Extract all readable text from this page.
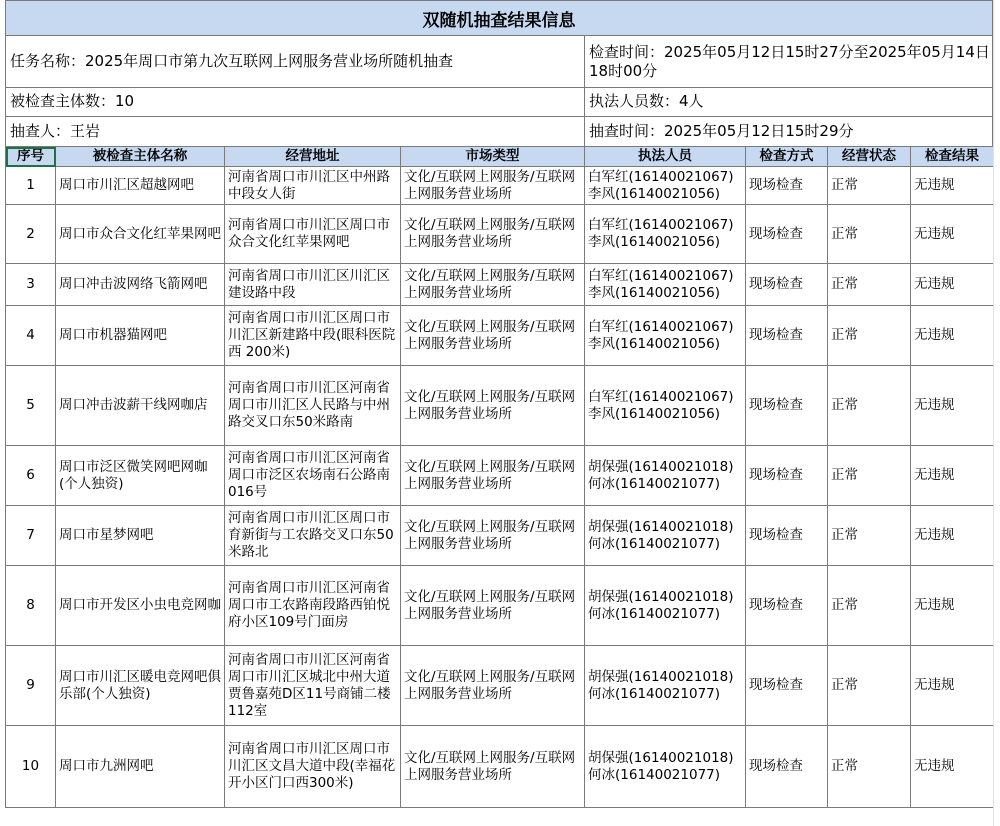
双随机抽查结果信息
任务名称：2025年周口市第九次互联网上网服务营业场所随机抽查
检查时间：2025年05月12日15时27分至2025年05月14日18时00分
被检查主体数：10	执法人员数：4人
抽查人：王岩	抽查时间：2025年05月12日15时29分
序号	被检查主体名称	经营地址	市场类型	执法人员	检查方式	经营状态	检查结果
1	周口市川汇区超越网吧	河南省周口市川汇区中州路中段女人街	文化/互联网上网服务/互联网上网服务营业场所	白军红(16140021067)李风(16140021056)	现场检查	正常	无违规
2	周口市众合文化红苹果网吧	河南省周口市川汇区周口市众合文化红苹果网吧	文化/互联网上网服务/互联网上网服务营业场所	白军红(16140021067)李风(16140021056)	现场检查	正常	无违规
3	周口冲击波网络飞箭网吧	河南省周口市川汇区川汇区建设路中段	文化/互联网上网服务/互联网上网服务营业场所	白军红(16140021067)李风(16140021056)	现场检查	正常	无违规
4	周口市机器猫网吧	河南省周口市川汇区周口市川汇区新建路中段(眼科医院西 200米)	文化/互联网上网服务/互联网上网服务营业场所	白军红(16140021067)李风(16140021056)	现场检查	正常	无违规
5	周口冲击波薪干线网咖店	河南省周口市川汇区河南省周口市川汇区人民路与中州路交叉口东50米路南	文化/互联网上网服务/互联网上网服务营业场所	白军红(16140021067)李风(16140021056)	现场检查	正常	无违规
6	周口市泛区微笑网吧网咖(个人独资)	河南省周口市川汇区河南省周口市泛区农场南石公路南016号	文化/互联网上网服务/互联网上网服务营业场所	胡保强(16140021018)何冰(16140021077)	现场检查	正常	无违规
7	周口市星梦网吧	河南省周口市川汇区周口市育新街与工农路交叉口东50米路北	文化/互联网上网服务/互联网上网服务营业场所	胡保强(16140021018)何冰(16140021077)	现场检查	正常	无违规
8	周口市开发区小虫电竞网咖	河南省周口市川汇区河南省周口市工农路南段路西铂悦府小区109号门面房	文化/互联网上网服务/互联网上网服务营业场所	胡保强(16140021018)何冰(16140021077)	现场检查	正常	无违规
9	周口市川汇区暖电竞网吧俱乐部(个人独资)	河南省周口市川汇区河南省周口市川汇区城北中州大道贾鲁嘉苑D区11号商铺二楼112室	文化/互联网上网服务/互联网上网服务营业场所	胡保强(16140021018)何冰(16140021077)	现场检查	正常	无违规
10	周口市九洲网吧	河南省周口市川汇区周口市川汇区文昌大道中段(幸福花开小区门口西300米)	文化/互联网上网服务/互联网上网服务营业场所	胡保强(16140021018)何冰(16140021077)	现场检查	正常	无违规
